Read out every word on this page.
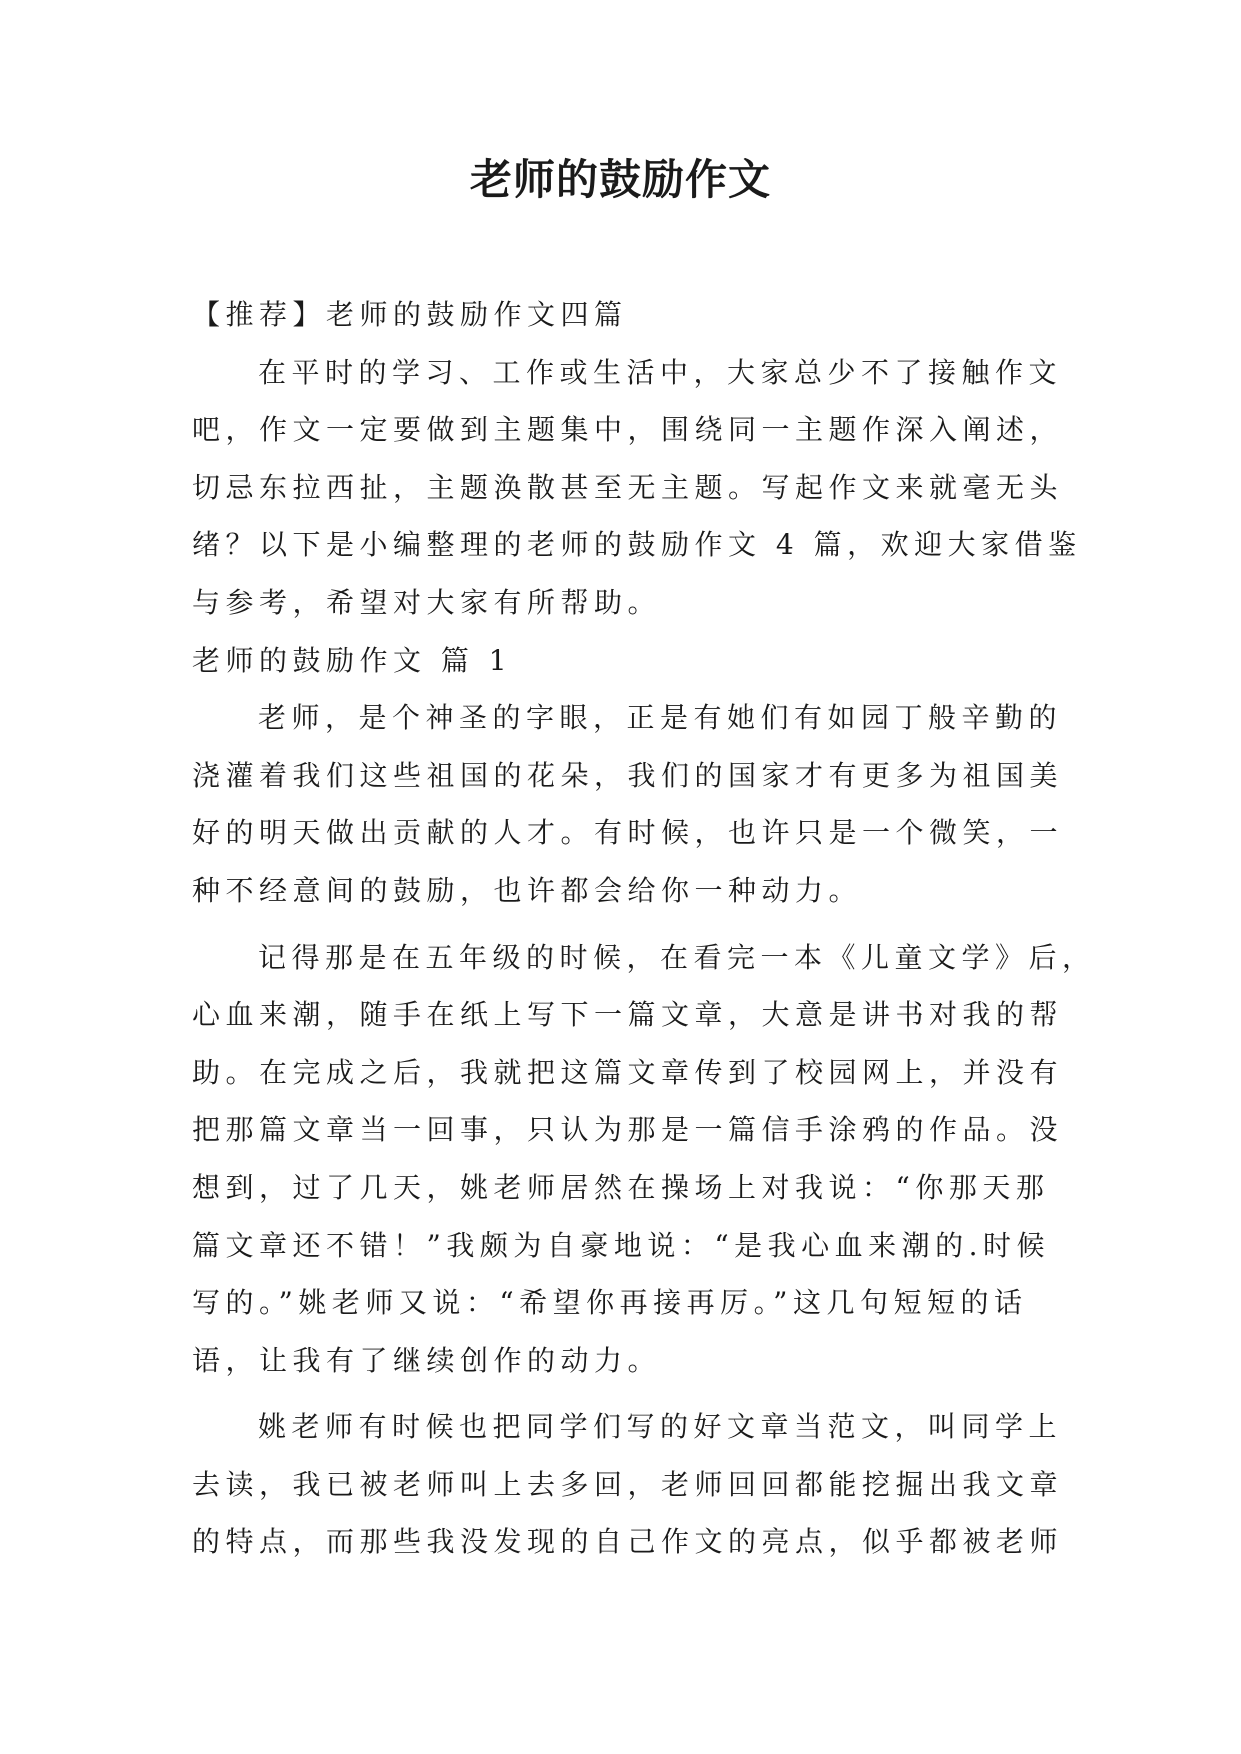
老师的鼓励作文
【推荐】老师的鼓励作文四篇
在平时的学习、工作或生活中，大家总少不了接触作文
吧，作文一定要做到主题集中，围绕同一主题作深入阐述，
切忌东拉西扯，主题涣散甚至无主题。写起作文来就毫无头
绪？以下是小编整理的老师的鼓励作文 4 篇，欢迎大家借鉴
与参考，希望对大家有所帮助。
老师的鼓励作文 篇 1
老师，是个神圣的字眼，正是有她们有如园丁般辛勤的
浇灌着我们这些祖国的花朵，我们的国家才有更多为祖国美
好的明天做出贡献的人才。有时候，也许只是一个微笑，一
种不经意间的鼓励，也许都会给你一种动力。
记得那是在五年级的时候，在看完一本《儿童文学》后，
心血来潮，随手在纸上写下一篇文章，大意是讲书对我的帮
助。在完成之后，我就把这篇文章传到了校园网上，并没有
把那篇文章当一回事，只认为那是一篇信手涂鸦的作品。没
想到，过了几天，姚老师居然在操场上对我说：“你那天那
篇文章还不错！”我颇为自豪地说：“是我心血来潮的.时候
写的。”姚老师又说：“希望你再接再厉。”这几句短短的话
语，让我有了继续创作的动力。
姚老师有时候也把同学们写的好文章当范文，叫同学上
去读，我已被老师叫上去多回，老师回回都能挖掘出我文章
的特点，而那些我没发现的自己作文的亮点，似乎都被老师
